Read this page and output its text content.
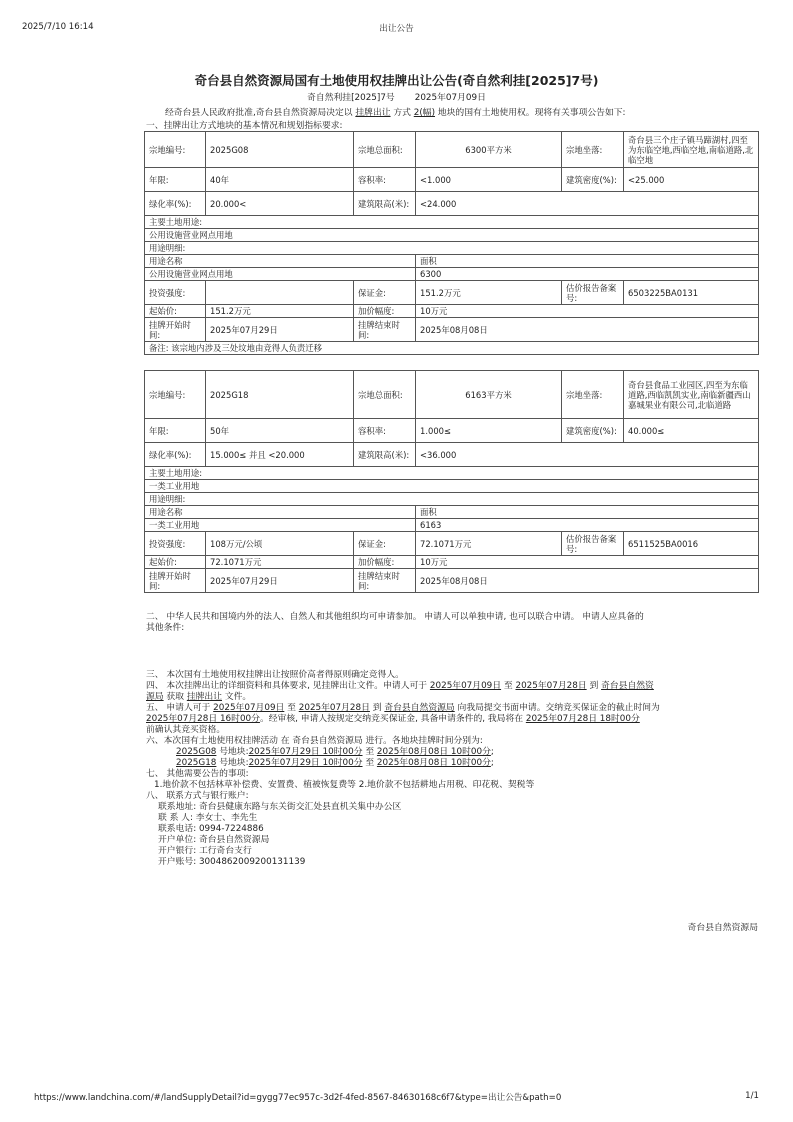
2025/7/10 16:14	出让公告
奇台县自然资源局国有土地使用权挂牌出让公告(奇自然利挂[2025]7号)
奇自然利挂[2025]7号 2025年07月09日
经奇台县人民政府批准,奇台县自然资源局决定以 挂牌出让 方式 2(幅) 地块的国有土地使用权。现将有关事项公告如下:
一、挂牌出让方式地块的基本情况和规划指标要求:
宗地编号:	2025G08	宗地总面积:	6300平方米	宗地坐落:	奇台县三个庄子镇马蹄湖村,四至为东临空地,西临空地,南临道路,北临空地
年限:	40年	容积率:	<1.000	建筑密度(%):	<25.000
绿化率(%):	20.000<	建筑限高(米):	<24.000		
主要土地用途:					
公用设施营业网点用地					
用途明细:					
用途名称			面积		
公用设施营业网点用地			6300		
投资强度:		保证金:	151.2万元	估价报告备案号:	6503225BA0131
起始价:	151.2万元	加价幅度:	10万元		
挂牌开始时间:	2025年07月29日	挂牌结束时间:	2025年08月08日		
备注: 该宗地内涉及三处坟地由竞得人负责迁移					
宗地编号:	2025G18	宗地总面积:	6163平方米	宗地坐落:	奇台县食品工业园区,四至为东临道路,西临凯凯实业,南临新疆西山嘉城果业有限公司,北临道路
年限:	50年	容积率:	1.000≤	建筑密度(%):	40.000≤
绿化率(%):	15.000≤ 并且 <20.000	建筑限高(米):	<36.000		
主要土地用途:					
一类工业用地					
用途明细:					
用途名称			面积		
一类工业用地			6163		
投资强度:	108万元/公顷	保证金:	72.1071万元	估价报告备案号:	6511525BA0016
起始价:	72.1071万元	加价幅度:	10万元		
挂牌开始时间:	2025年07月29日	挂牌结束时间:	2025年08月08日		
二、 中华人民共和国境内外的法人、自然人和其他组织均可申请参加。 申请人可以单独申请, 也可以联合申请。 申请人应具备的
其他条件:
三、 本次国有土地使用权挂牌出让按照价高者得原则确定竞得人。
四、 本次挂牌出让的详细资料和具体要求, 见挂牌出让文件。申请人可于 2025年07月09日 至 2025年07月28日 到 奇台县自然资
源局 获取 挂牌出让 文件。
五、 申请人可于 2025年07月09日 至 2025年07月28日 到 奇台县自然资源局 向我局提交书面申请。交纳竞买保证金的截止时间为
2025年07月28日 16时00分。经审核, 申请人按规定交纳竞买保证金, 具备申请条件的, 我局将在 2025年07月28日 18时00分
前确认其竞买资格。
六、本次国有土地使用权挂牌活动 在 奇台县自然资源局 进行。各地块挂牌时间分别为:
2025G08 号地块:2025年07月29日 10时00分 至 2025年08月08日 10时00分;
2025G18 号地块:2025年07月29日 10时00分 至 2025年08月08日 10时00分;
七、 其他需要公告的事项:
1.地价款不包括林草补偿费、安置费、植被恢复费等 2.地价款不包括耕地占用税、印花税、契税等
八、 联系方式与银行账户:
联系地址: 奇台县健康东路与东关街交汇处县直机关集中办公区
联 系 人: 李女士、李先生
联系电话: 0994-7224886
开户单位: 奇台县自然资源局
开户银行: 工行奇台支行
开户账号: 3004862009200131139
奇台县自然资源局
https://www.landchina.com/#/landSupplyDetail?id=gygg77ec957c-3d2f-4fed-8567-84630168c6f7&type=出让公告&path=0	1/1
